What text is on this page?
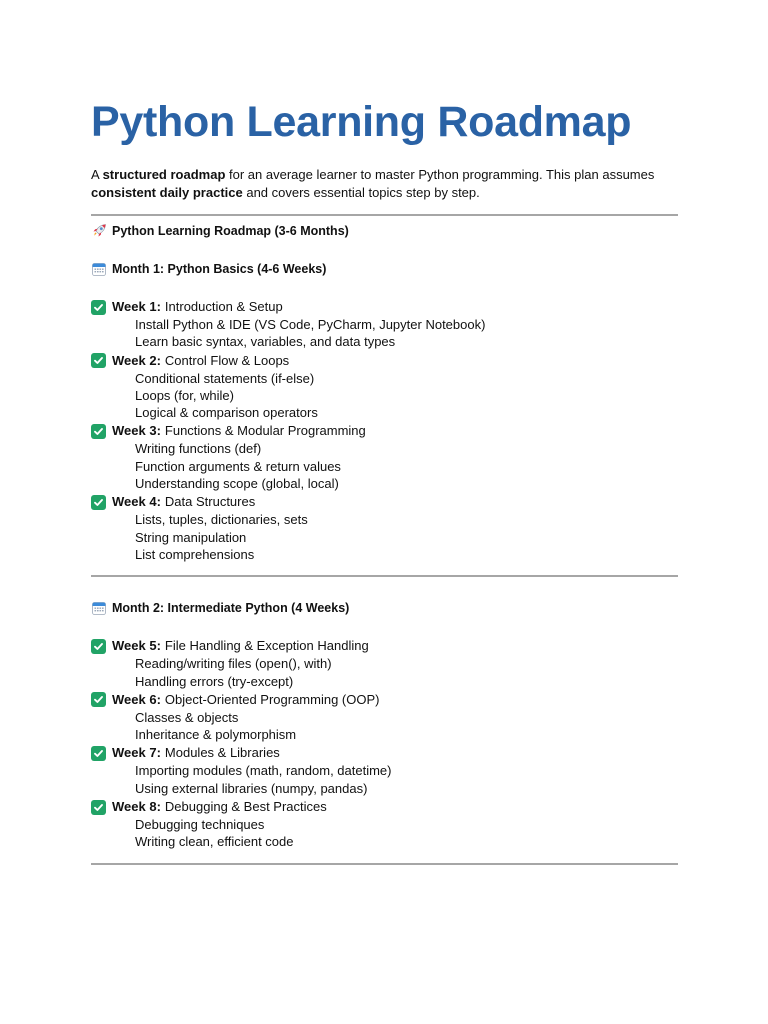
Python Learning Roadmap

A structured roadmap for an average learner to master Python programming. This plan assumes consistent daily practice and covers essential topics step by step.

Python Learning Roadmap (3-6 Months)
Month 1: Python Basics (4-6 Weeks)
Week 1: Introduction & Setup
Install Python & IDE (VS Code, PyCharm, Jupyter Notebook)
Learn basic syntax, variables, and data types
Week 2: Control Flow & Loops
Conditional statements (if-else)
Loops (for, while)
Logical & comparison operators
Week 3: Functions & Modular Programming
Writing functions (def)
Function arguments & return values
Understanding scope (global, local)
Week 4: Data Structures
Lists, tuples, dictionaries, sets
String manipulation
List comprehensions
Month 2: Intermediate Python (4 Weeks)
Week 5: File Handling & Exception Handling
Reading/writing files (open(), with)
Handling errors (try-except)
Week 6: Object-Oriented Programming (OOP)
Classes & objects
Inheritance & polymorphism
Week 7: Modules & Libraries
Importing modules (math, random, datetime)
Using external libraries (numpy, pandas)
Week 8: Debugging & Best Practices
Debugging techniques
Writing clean, efficient code
